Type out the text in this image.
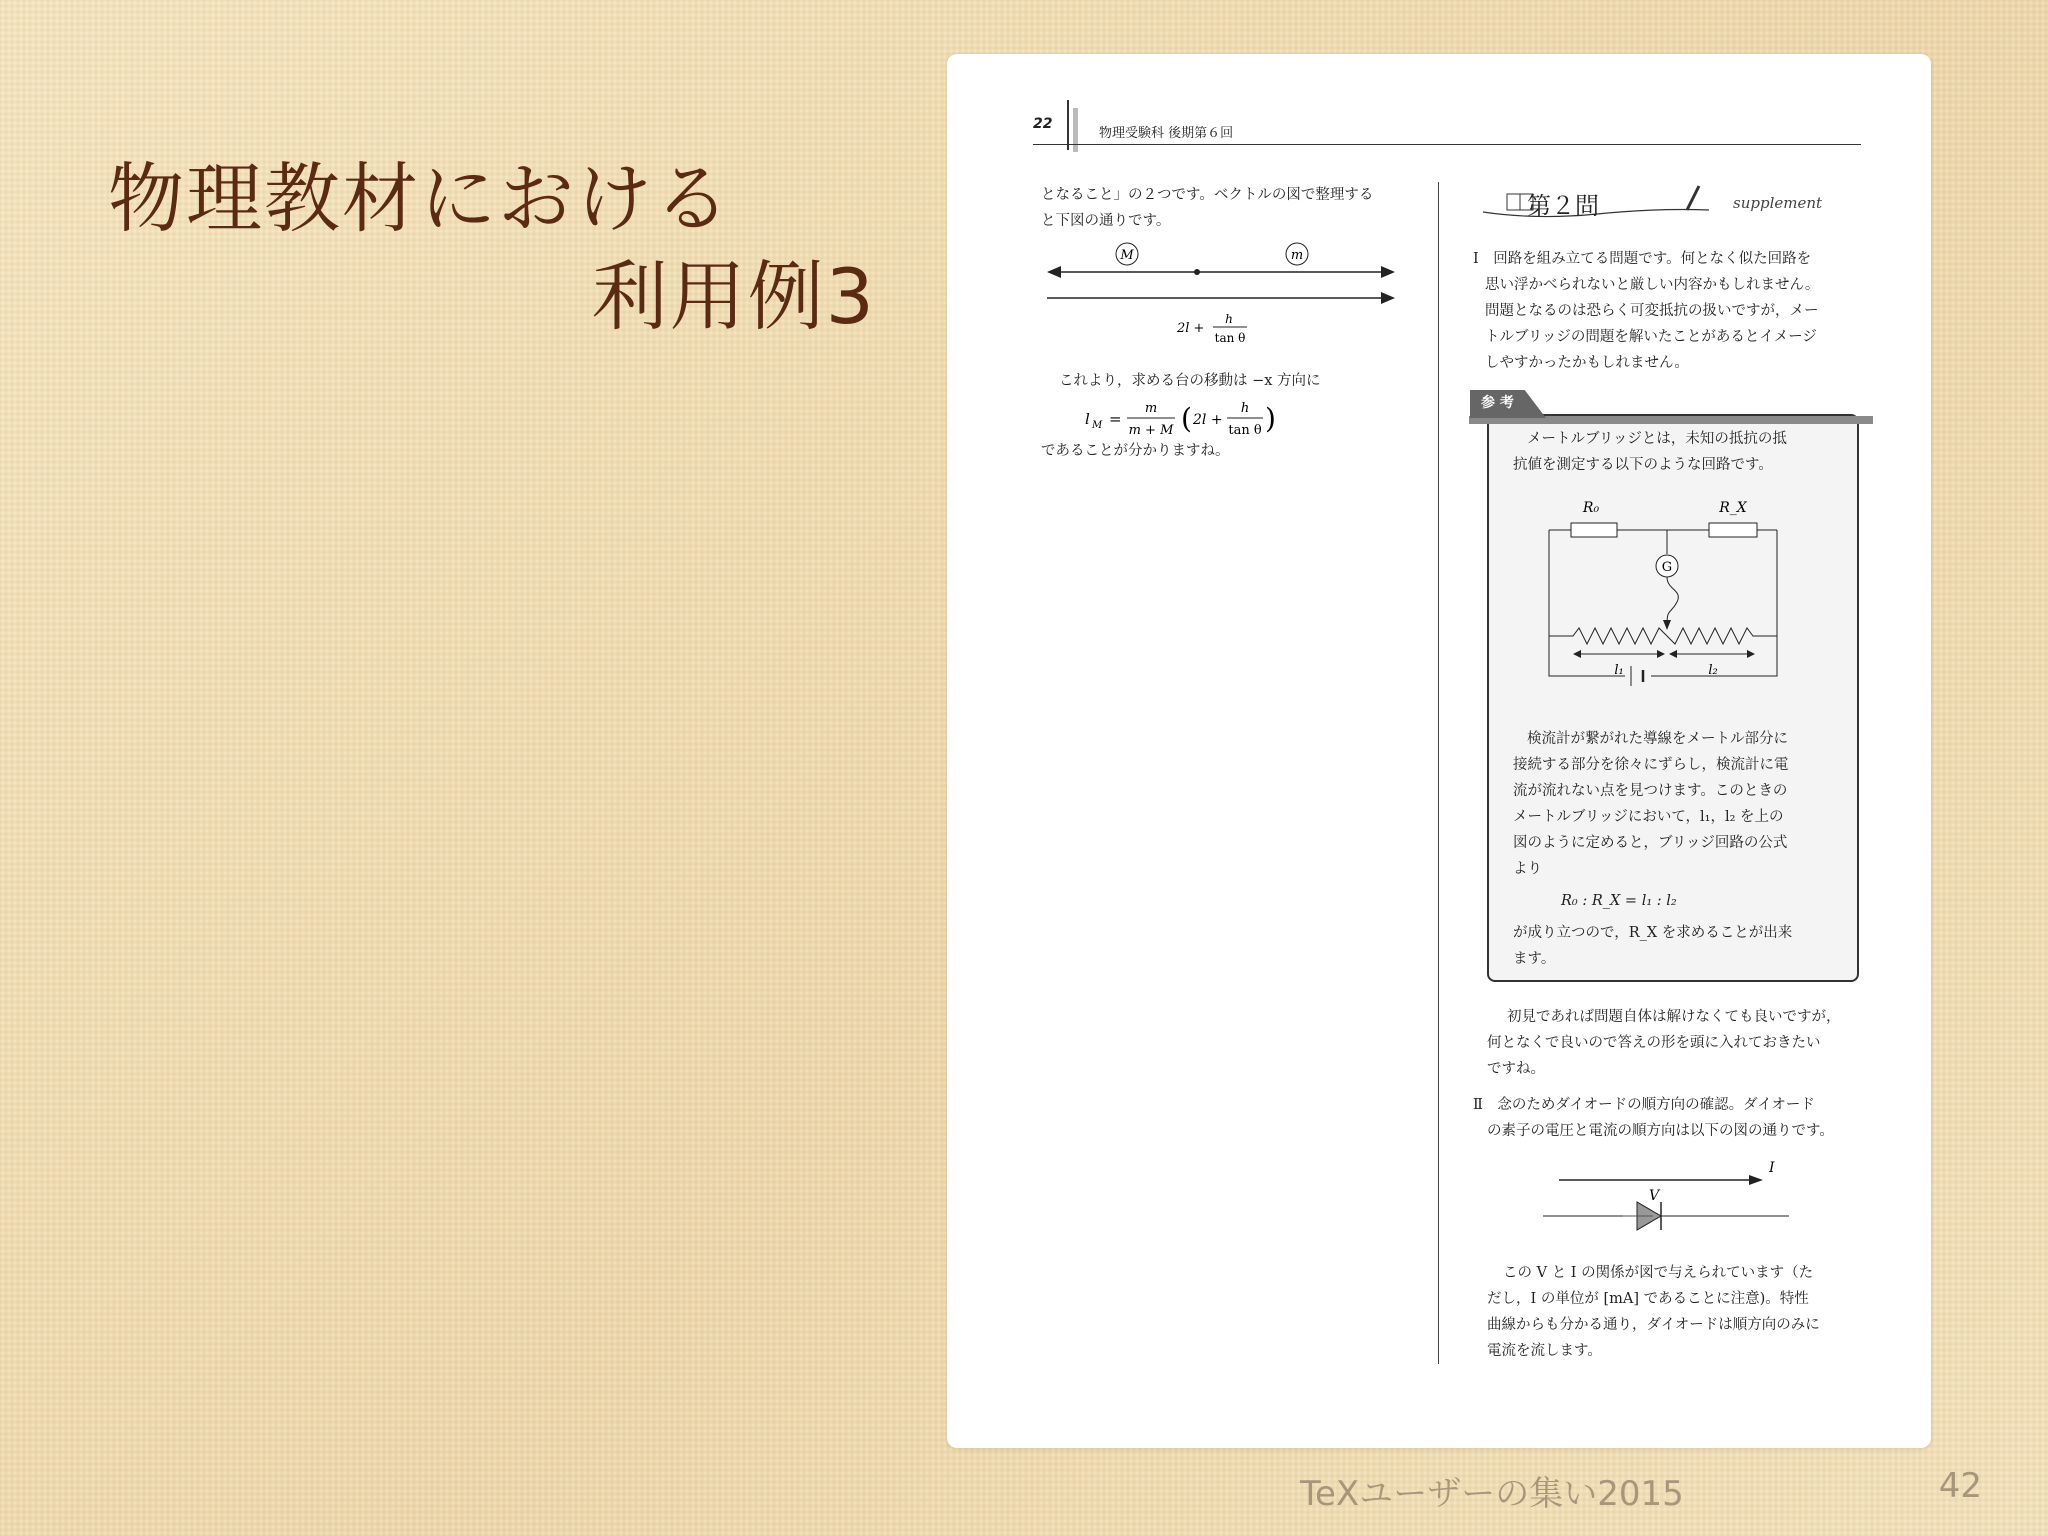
物理教材における
利用例3
22
物理受験科 後期第６回
となること」の２つです。ベクトルの図で整理する
と下図の通りです。
M	m
2l +
h
tan θ
これより，求める台の移動は −x 方向に
l M =
m
m + M ( 2l +
h
tan θ )
であることが分かりますね。
第２問	supplement
Ⅰ　回路を組み立てる問題です。何となく似た回路を
思い浮かべられないと厳しい内容かもしれません。
問題となるのは恐らく可変抵抗の扱いですが，メー
トルブリッジの問題を解いたことがあるとイメージ
しやすかったかもしれません。
参 考
メートルブリッジとは，未知の抵抗の抵
抗値を測定する以下のような回路です。
R₀	R_X
G
l₁	l₂
検流計が繋がれた導線をメートル部分に
接続する部分を徐々にずらし，検流計に電
流が流れない点を見つけます。このときの
メートルブリッジにおいて，l₁，l₂ を上の
図のように定めると，ブリッジ回路の公式
より
R₀ : R_X = l₁ : l₂
が成り立つので，R_X を求めることが出来
ます。
初見であれば問題自体は解けなくても良いですが，
何となくで良いので答えの形を頭に入れておきたい
ですね。
Ⅱ　念のためダイオードの順方向の確認。ダイオード
の素子の電圧と電流の順方向は以下の図の通りです。
I
V
この V と I の関係が図で与えられています（た
だし，I の単位が [mA] であることに注意)。特性
曲線からも分かる通り，ダイオードは順方向のみに
電流を流します。
TeXユーザーの集い2015	42
